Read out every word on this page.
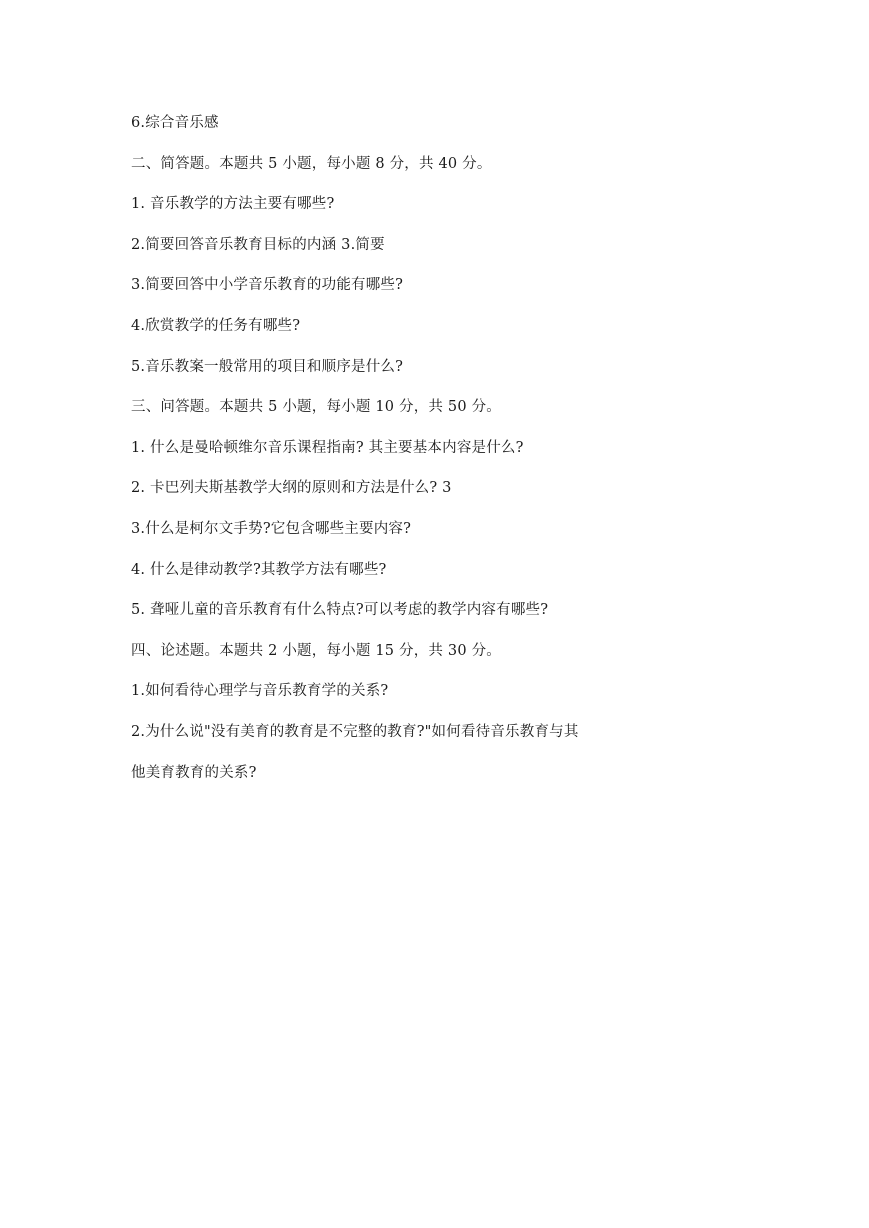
6.综合音乐感

二、简答题。本题共 5 小题，每小题 8 分，共 40 分。

1. 音乐教学的方法主要有哪些?

2.简要回答音乐教育目标的内涵 3.简要

3.简要回答中小学音乐教育的功能有哪些?

4.欣赏教学的任务有哪些?

5.音乐教案一般常用的项目和顺序是什么?

三、问答题。本题共 5 小题，每小题 10 分，共 50 分。

1. 什么是曼哈顿维尔音乐课程指南? 其主要基本内容是什么?

2. 卡巴列夫斯基教学大纲的原则和方法是什么? 3

3.什么是柯尔文手势?它包含哪些主要内容?

4. 什么是律动教学?其教学方法有哪些?

5. 聋哑儿童的音乐教育有什么特点?可以考虑的教学内容有哪些?

四、论述题。本题共 2 小题，每小题 15 分，共 30 分。

1.如何看待心理学与音乐教育学的关系?

2.为什么说"没有美育的教育是不完整的教育?"如何看待音乐教育与其

他美育教育的关系?
